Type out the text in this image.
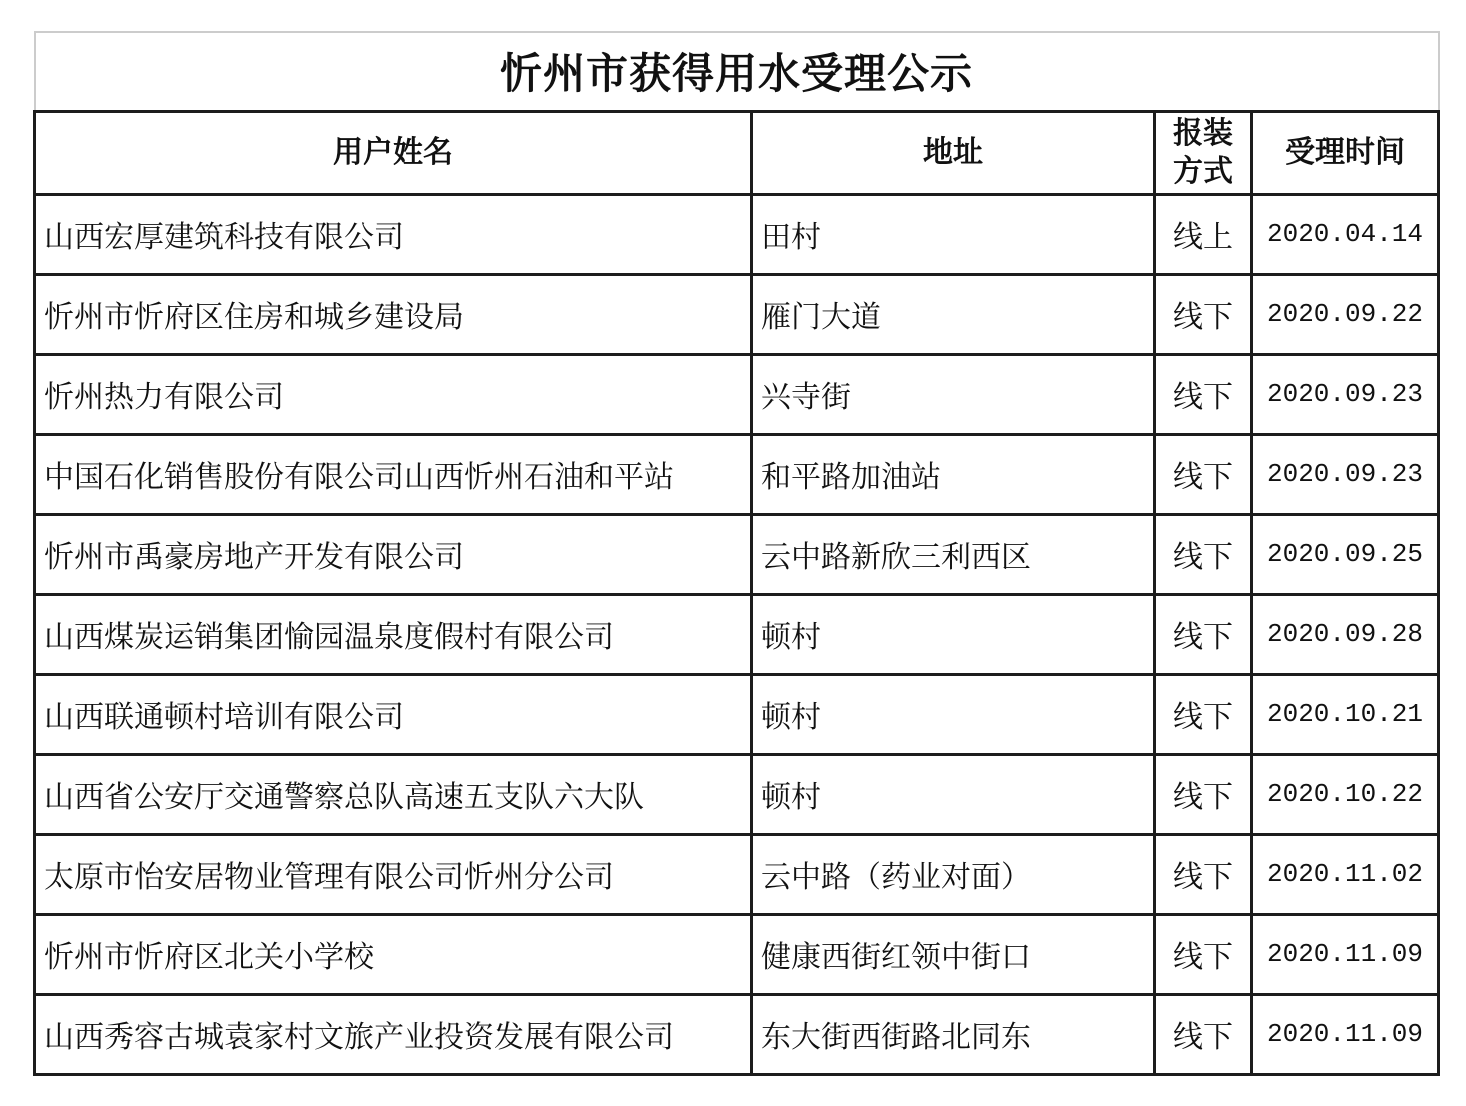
忻州市获得用水受理公示			
用户姓名	地址	报装方式	受理时间
山西宏厚建筑科技有限公司	田村	线上	2020.04.14
忻州市忻府区住房和城乡建设局	雁门大道	线下	2020.09.22
忻州热力有限公司	兴寺街	线下	2020.09.23
中国石化销售股份有限公司山西忻州石油和平站	和平路加油站	线下	2020.09.23
忻州市禹豪房地产开发有限公司	云中路新欣三利西区	线下	2020.09.25
山西煤炭运销集团愉园温泉度假村有限公司	顿村	线下	2020.09.28
山西联通顿村培训有限公司	顿村	线下	2020.10.21
山西省公安厅交通警察总队高速五支队六大队	顿村	线下	2020.10.22
太原市怡安居物业管理有限公司忻州分公司	云中路（药业对面）	线下	2020.11.02
忻州市忻府区北关小学校	健康西街红领中街口	线下	2020.11.09
山西秀容古城袁家村文旅产业投资发展有限公司	东大街西街路北同东	线下	2020.11.09
